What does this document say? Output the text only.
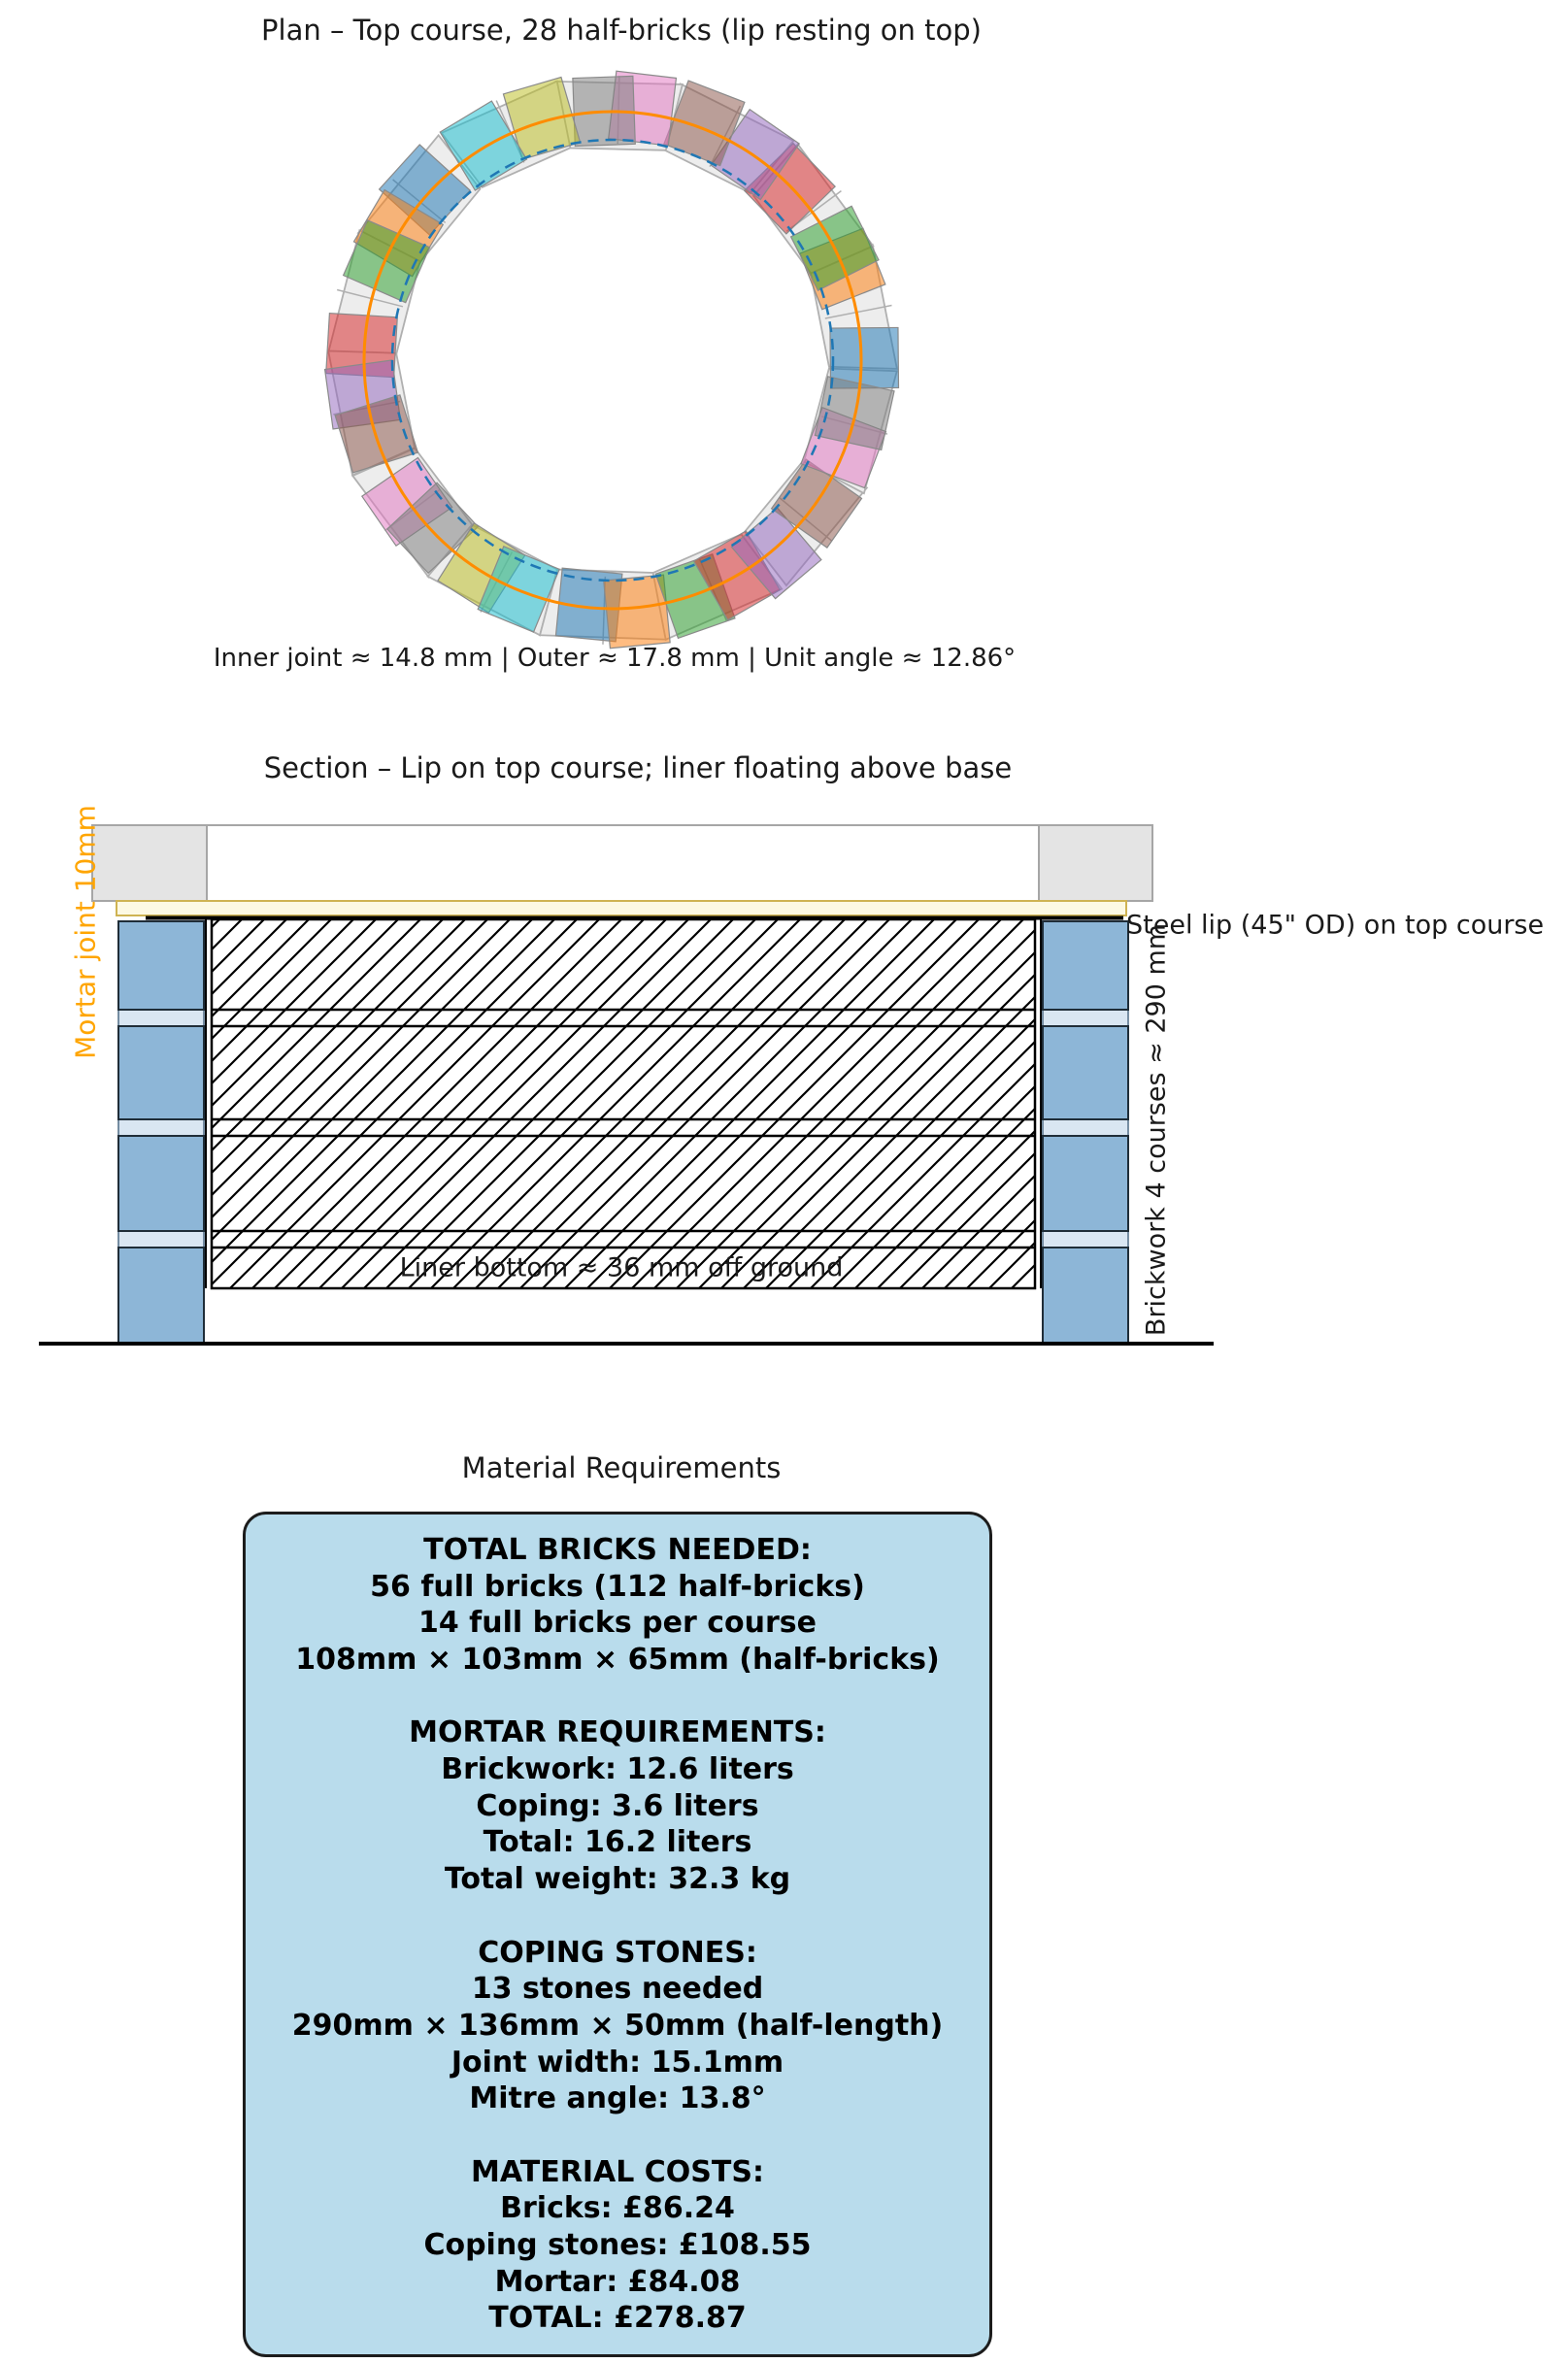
Plan – Top course, 28 half-bricks (lip resting on top)
Inner joint ≈ 14.8 mm | Outer ≈ 17.8 mm | Unit angle ≈ 12.86°
Section – Lip on top course; liner floating above base
Mortar joint 10mm	Steel lip (45" OD) on top course
Brickwork 4 courses ≈ 290 mm
Liner bottom ≈ 36 mm off ground
Material Requirements
TOTAL BRICKS NEEDED:
56 full bricks (112 half-bricks)
14 full bricks per course
108mm × 103mm × 65mm (half-bricks)

MORTAR REQUIREMENTS:
Brickwork: 12.6 liters
Coping: 3.6 liters
Total: 16.2 liters
Total weight: 32.3 kg

COPING STONES:
13 stones needed
290mm × 136mm × 50mm (half-length)
Joint width: 15.1mm
Mitre angle: 13.8°

MATERIAL COSTS:
Bricks: £86.24
Coping stones: £108.55
Mortar: £84.08
TOTAL: £278.87
